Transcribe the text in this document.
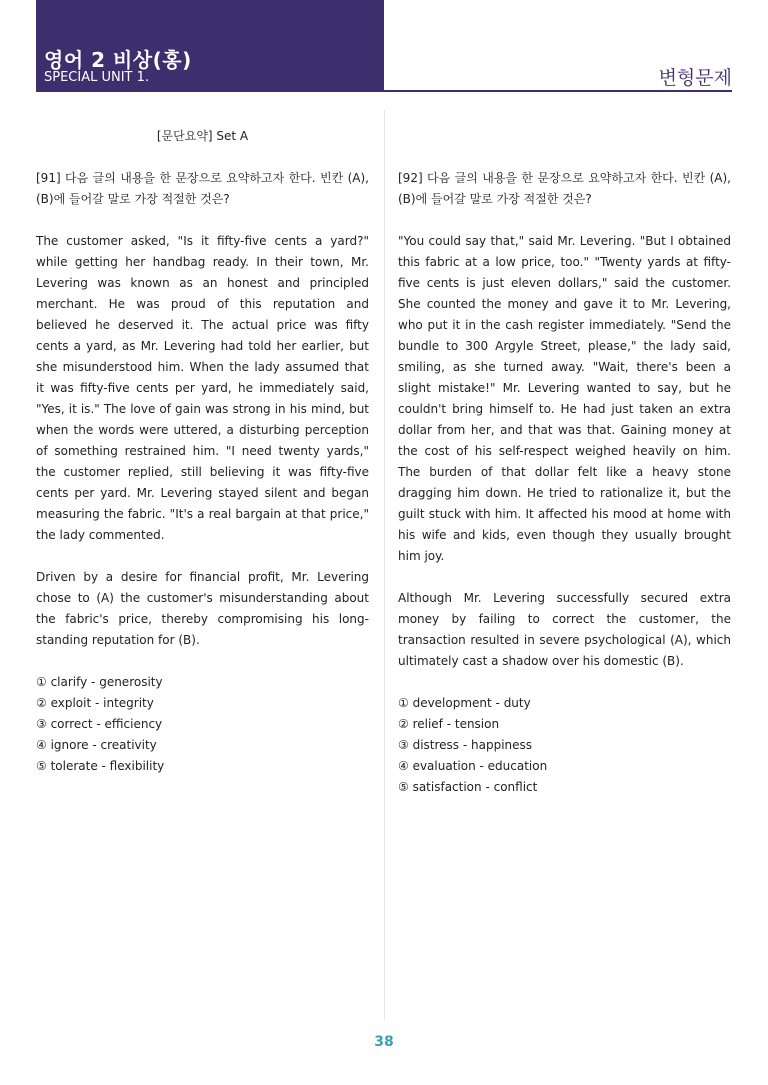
영어 2 비상(홍)
SPECIAL UNIT 1.	변형문제
[문단요약] Set A

[91] 다음 글의 내용을 한 문장으로 요약하고자 한다. 빈칸 (A), (B)에 들어갈 말로 가장 적절한 것은?

The customer asked, "Is it fifty-five cents a yard?" while getting her handbag ready. In their town, Mr. Levering was known as an honest and principled merchant. He was proud of this reputation and believed he deserved it. The actual price was fifty cents a yard, as Mr. Levering had told her earlier, but she misunderstood him. When the lady assumed that it was fifty-five cents per yard, he immediately said, "Yes, it is." The love of gain was strong in his mind, but when the words were uttered, a disturbing perception of something restrained him. "I need twenty yards," the customer replied, still believing it was fifty-five cents per yard. Mr. Levering stayed silent and began measuring the fabric. "It's a real bargain at that price," the lady commented.

Driven by a desire for financial profit, Mr. Levering chose to (A) the customer's misunderstanding about the fabric's price, thereby compromising his long-standing reputation for (B).

① clarify - generosity
② exploit - integrity
③ correct - efficiency
④ ignore - creativity
⑤ tolerate - flexibility

[92] 다음 글의 내용을 한 문장으로 요약하고자 한다. 빈칸 (A), (B)에 들어갈 말로 가장 적절한 것은?

"You could say that," said Mr. Levering. "But I obtained this fabric at a low price, too." "Twenty yards at fifty-five cents is just eleven dollars," said the customer. She counted the money and gave it to Mr. Levering, who put it in the cash register immediately. "Send the bundle to 300 Argyle Street, please," the lady said, smiling, as she turned away. "Wait, there's been a slight mistake!" Mr. Levering wanted to say, but he couldn't bring himself to. He had just taken an extra dollar from her, and that was that. Gaining money at the cost of his self-respect weighed heavily on him. The burden of that dollar felt like a heavy stone dragging him down. He tried to rationalize it, but the guilt stuck with him. It affected his mood at home with his wife and kids, even though they usually brought him joy.

Although Mr. Levering successfully secured extra money by failing to correct the customer, the transaction resulted in severe psychological (A), which ultimately cast a shadow over his domestic (B).

① development - duty
② relief - tension
③ distress - happiness
④ evaluation - education
⑤ satisfaction - conflict
38
